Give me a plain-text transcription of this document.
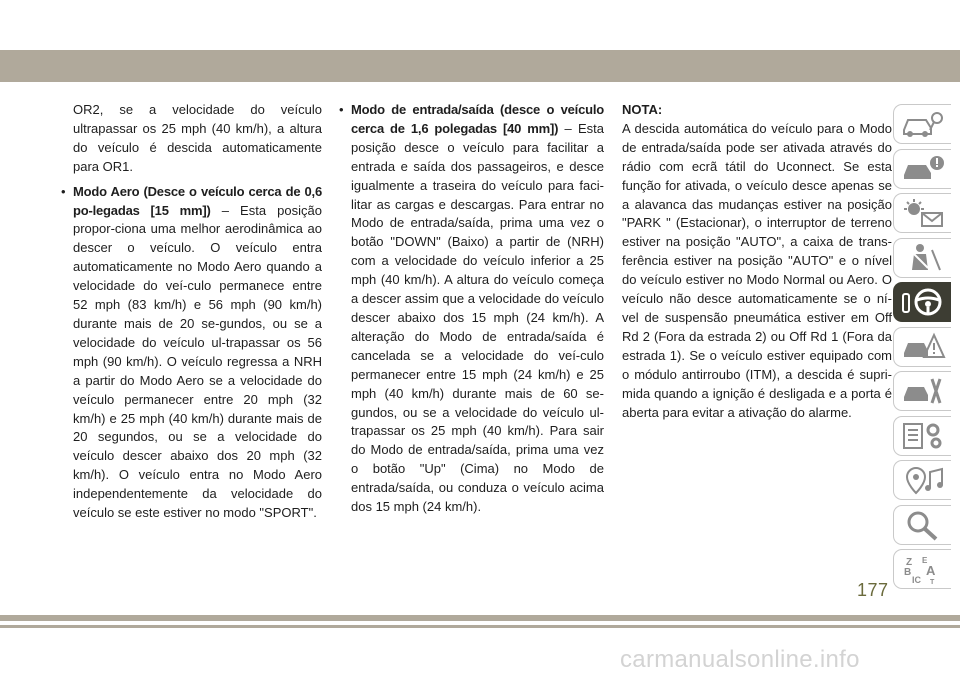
OR2, se a velocidade do veículo ultrapassar os 25 mph (40 km/h), a altura do veículo é descida automaticamente para OR1.

• Modo Aero (Desce o veículo cerca de 0,6 po-legadas [15 mm]) – Esta posição propor-ciona uma melhor aerodinâmica ao descer o veículo. O veículo entra automaticamente no Modo Aero quando a velocidade do veí-culo permanece entre 52 mph (83 km/h) e 56 mph (90 km/h) durante mais de 20 se-gundos, ou se a velocidade do veículo ul-trapassar os 56 mph (90 km/h). O veículo regressa a NRH a partir do Modo Aero se a velocidade do veículo permanecer entre 20 mph (32 km/h) e 25 mph (40 km/h) durante mais de 20 segundos, ou se a velocidade do veículo descer abaixo dos 20 mph (32 km/h). O veículo entra no Modo Aero independentemente da velocidade do veículo se este estiver no modo "SPORT".

• Modo de entrada/saída (desce o veículo cerca de 1,6 polegadas [40 mm]) – Esta posição desce o veículo para facilitar a entrada e saída dos passageiros, e desce igualmente a traseira do veículo para faci-litar as cargas e descargas. Para entrar no Modo de entrada/saída, prima uma vez o botão "DOWN" (Baixo) a partir de (NRH) com a velocidade do veículo inferior a 25 mph (40 km/h). A altura do veículo começa a descer assim que a velocidade do veículo descer abaixo dos 15 mph (24 km/h). A alteração do Modo de entrada/saída é cancelada se a velocidade do veí-culo permanecer entre 15 mph (24 km/h) e 25 mph (40 km/h) durante mais de 60 se-gundos, ou se a velocidade do veículo ul-trapassar os 25 mph (40 km/h). Para sair do Modo de entrada/saída, prima uma vez o botão "Up" (Cima) no Modo de entrada/saída, ou conduza o veículo acima dos 15 mph (24 km/h).

NOTA:

A descida automática do veículo para o Modo de entrada/saída pode ser ativada através do rádio com ecrã tátil do Uconnect. Se esta função for ativada, o veículo desce apenas se a alavanca das mudanças estiver na posição "PARK " (Estacionar), o interruptor de terreno estiver na posição "AUTO", a caixa de trans-ferência estiver na posição "AUTO" e o nível do veículo estiver no Modo Normal ou Aero. O veículo não desce automaticamente se o ní-vel de suspensão pneumática estiver em Off Rd 2 (Fora da estrada 2) ou Off Rd 1 (Fora da estrada 1). Se o veículo estiver equipado com o módulo antirroubo (ITM), a descida é supri-mida quando a ignição é desligada e a porta é aberta para evitar a ativação do alarme.

Z E
B A
IC T
177
carmanualsonline.info
